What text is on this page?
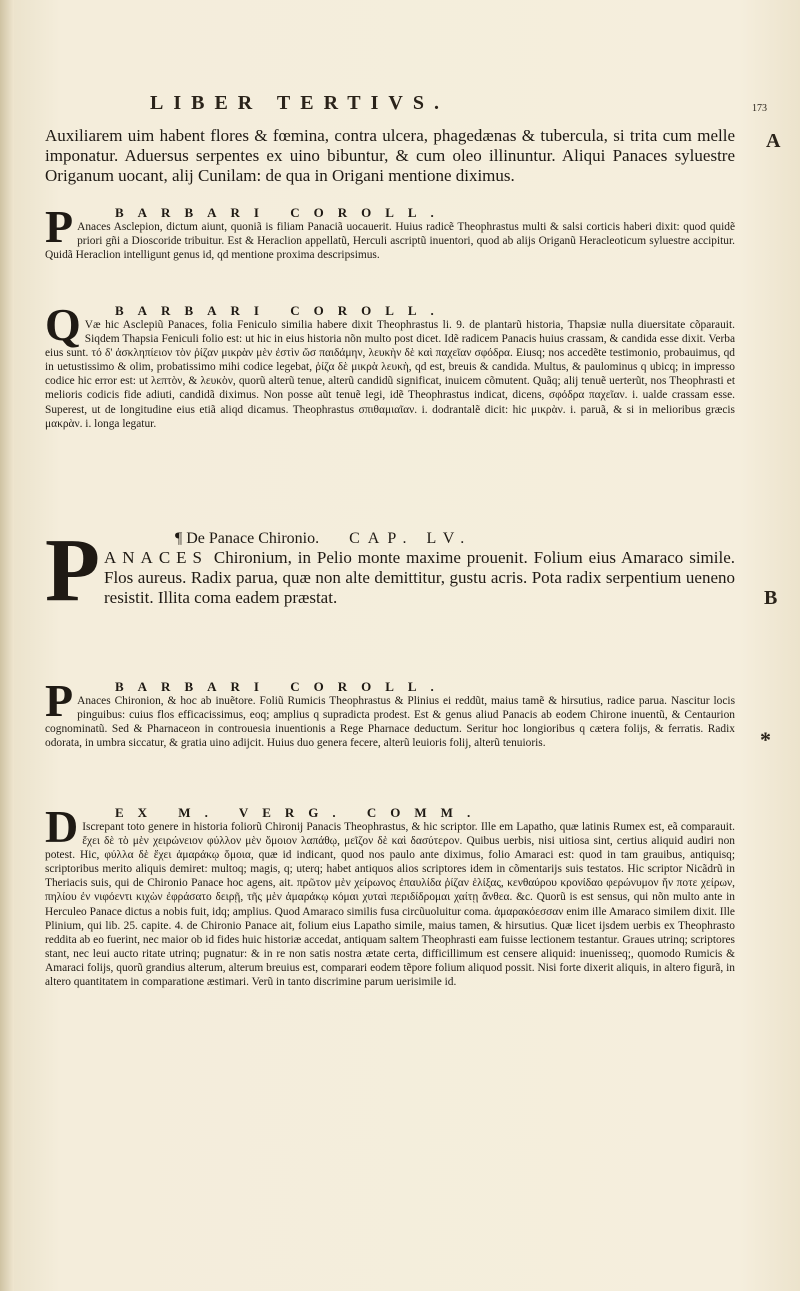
LIBER TERTIVS.	173
A
B
*

Auxiliarem uim habent flores & fœmina, contra ulcera, phagedænas & tubercula, si trita cum melle imponatur. Aduersus serpentes ex uino bibuntur, & cum oleo illinuntur. Aliqui Panaces syluestre Origanum uocant, alij Cunilam: de qua in Origani mentione diximus.

P	BARBARI COROLL.

Anaces Asclepion, dictum aiunt, quoniã is filiam Panaciã uocauerit. Huius radicẽ Theophrastus multi & salsi corticis haberi dixit: quod quidẽ priori gñi a Dioscoride tribuitur. Est & Heraclion appellatũ, Herculi ascriptũ inuentori, quod ab alijs Origanũ Heracleoticum syluestre accipitur. Quidã Heraclion intelligunt genus id, qd mentione proxima descripsimus.

Q	BARBARI COROLL.

Væ hic Asclepiũ Panaces, folia Feniculo similia habere dixit Theophrastus li. 9. de plantarũ historia, Thapsiæ nulla diuersitate cõparauit. Siqdem Thapsia Feniculi folio est: ut hic in eius historia nõn multo post dicet. Idẽ radicem Panacis huius crassam, & candida esse dixit. Verba eius sunt. τό δ' ἀσκληπίειον τὸν ῥίζαν μικρὰν μὲν ἐστὶν ὥσ παιδάμην, λευκὴν δὲ καὶ παχεῖαν σφόδρα. Eiusq; nos accedẽte testimonio, probauimus, qd in uetustissimo & olim, probatissimo mihi codice legebat, ῥίζα δὲ μικρὰ λευκὴ, qd est, breuis & candida. Multus, & paulominus q ubicq; in impresso codice hic error est: ut λεπτὸν, & λευκὸν, quorũ alterũ tenue, alterũ candidũ significat, inuicem cõmutent. Quãq; alij tenuẽ uerterũt, nos Theophrasti et melioris codicis fide adiuti, candidã diximus. Non posse aũt tenuẽ legi, idẽ Theophrastus indicat, dicens, σφόδρα παχεῖαν. i. ualde crassam esse. Superest, ut de longitudine eius etiã aliqd dicamus. Theophrastus σπιθαμιαῖαν. i. dodrantalẽ dicit: hic μικρὰν. i. paruã, & si in melioribus græcis μακρὰν. i. longa legatur.

P	¶ De Panace Chironio. CAP. LV.

ANACES Chironium, in Pelio monte maxime prouenit. Folium eius Amaraco simile. Flos aureus. Radix parua, quæ non alte demittitur, gustu acris. Pota radix serpentium ueneno resistit. Illita coma eadem præstat.

P	BARBARI COROLL.

Anaces Chironion, & hoc ab inuẽtore. Foliũ Rumicis Theophrastus & Plinius ei reddũt, maius tamẽ & hirsutius, radice parua. Nascitur locis pinguibus: cuius flos efficacissimus, eoq; amplius q supradicta prodest. Est & genus aliud Panacis ab eodem Chirone inuentũ, & Centaurion cognominatũ. Sed & Pharnaceon in controuesia inuentionis a Rege Pharnace deductum. Seritur hoc longioribus q cætera folijs, & ferratis. Radix odorata, in umbra siccatur, & gratia uino adijcit. Huius duo genera fecere, alterũ leuioris folij, alterũ tenuioris.

D	EX M. VERG. COMM.

Iscrepant toto genere in historia foliorũ Chironij Panacis Theophrastus, & hic scriptor. Ille em Lapatho, quæ latinis Rumex est, eã comparauit. ἔχει δὲ τὸ μὲν χειρώνειον φύλλον μὲν ὅμοιον λαπάθῳ, μεῖζον δὲ καὶ δασύτερον. Quibus uerbis, nisi uitiosa sint, certius aliquid audiri non potest. Hic, φύλλα δὲ ἔχει ἀμαράκῳ ὅμοια, quæ id indicant, quod nos paulo ante diximus, folio Amaraci est: quod in tam grauibus, antiquisq; scriptoribus merito aliquis demiret: multoq; magis, q; uterq; habet antiquos alios scriptores idem in cõmentarijs suis testatos. Hic scriptor Nicãdrũ in Theriacis suis, qui de Chironio Panace hoc agens, ait. πρῶτον μὲν χείρωνος ἐπαυλίδα ῥίζαν ἑλίξας, κενθαύρου κρονίδαο φερώνυμον ἥν ποτε χείρων, πηλίου ἐν νιφόεντι κιχὼν ἐφράσατο δειρῇ, τῆς μὲν ἀμαράκῳ κόμαι χυταὶ περιδίδρομαι χαίτῃ ἄνθεα. &c. Quorũ is est sensus, qui nõn multo ante in Herculeo Panace dictus a nobis fuit, idq; amplius. Quod Amaraco similis fusa circũuoluitur coma. ἀμαρακόεσσαν enim ille Amaraco similem dixit. Ille Plinium, qui lib. 25. capite. 4. de Chironio Panace ait, folium eius Lapatho simile, maius tamen, & hirsutius. Quæ licet ijsdem uerbis ex Theophrasto reddita ab eo fuerint, nec maior ob id fides huic historiæ accedat, antiquam saltem Theophrasti eam fuisse lectionem testantur. Graues utrinq; scriptores stant, nec leui aucto ritate utrinq; pugnatur: & in re non satis nostra ætate certa, difficillimum est censere aliquid: inuenisseq;, quomodo Rumicis & Amaraci folijs, quorũ grandius alterum, alterum breuius est, comparari eodem tẽpore folium aliquod possit. Nisi forte dixerit aliquis, in altero figurã, in altero quantitatem in comparatione æstimari. Verũ in tanto discrimine parum uerisimile id.
